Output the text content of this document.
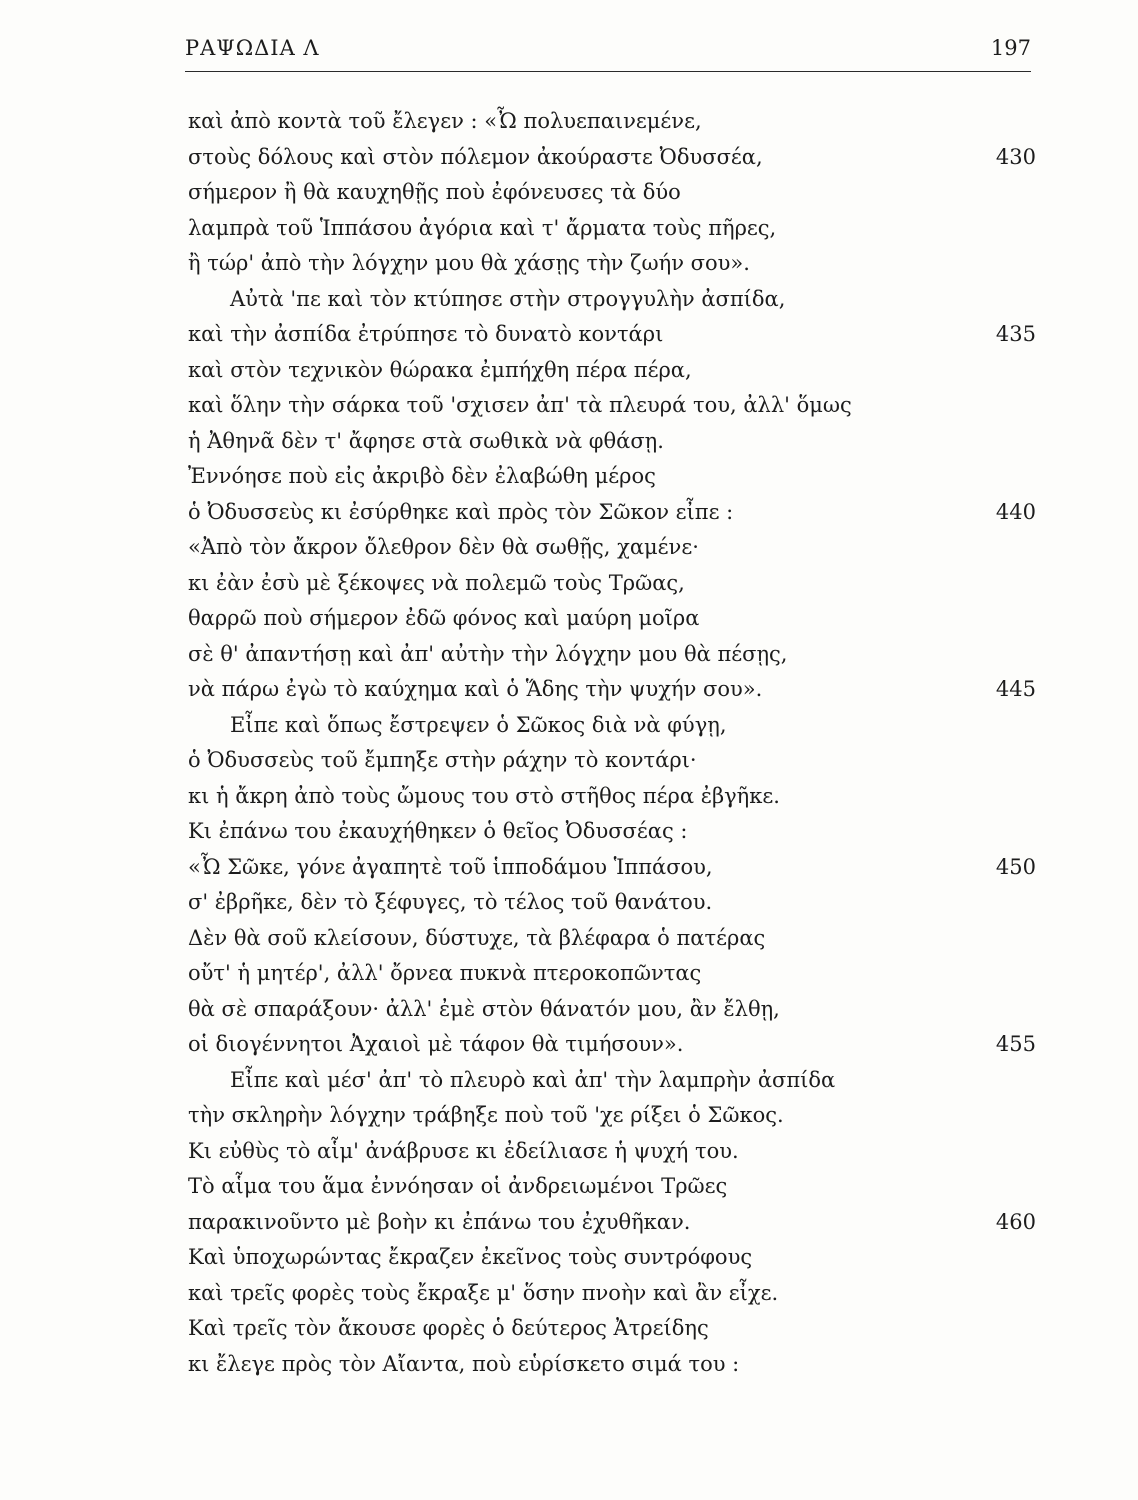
ΡΑΨΩΔΙΑ Λ	197
καὶ ἀπὸ κοντὰ τοῦ ἔλεγεν : «Ὦ πολυεπαινεμένε,
στοὺς δόλους καὶ στὸν πόλεμον ἀκούραστε Ὀδυσσέα,	430
σήμερον ἢ θὰ καυχηθῇς ποὺ ἐφόνευσες τὰ δύο
λαμπρὰ τοῦ Ἱππάσου ἀγόρια καὶ τ' ἄρματα τοὺς πῆρες,
ἢ τώρ' ἀπὸ τὴν λόγχην μου θὰ χάσῃς τὴν ζωήν σου».
Αὐτὰ 'πε καὶ τὸν κτύπησε στὴν στρογγυλὴν ἀσπίδα,
καὶ τὴν ἀσπίδα ἐτρύπησε τὸ δυνατὸ κοντάρι	435
καὶ στὸν τεχνικὸν θώρακα ἐμπήχθη πέρα πέρα,
καὶ ὅλην τὴν σάρκα τοῦ 'σχισεν ἀπ' τὰ πλευρά του, ἀλλ' ὅμως
ἡ Ἀθηνᾶ δὲν τ' ἄφησε στὰ σωθικὰ νὰ φθάσῃ.
Ἐννόησε ποὺ εἰς ἀκριβὸ δὲν ἐλαβώθη μέρος
ὁ Ὀδυσσεὺς κι ἐσύρθηκε καὶ πρὸς τὸν Σῶκον εἶπε :	440
«Ἀπὸ τὸν ἄκρον ὄλεθρον δὲν θὰ σωθῇς, χαμένε·
κι ἐὰν ἐσὺ μὲ ξέκοψες νὰ πολεμῶ τοὺς Τρῶας,
θαρρῶ ποὺ σήμερον ἐδῶ φόνος καὶ μαύρη μοῖρα
σὲ θ' ἀπαντήσῃ καὶ ἀπ' αὐτὴν τὴν λόγχην μου θὰ πέσῃς,
νὰ πάρω ἐγὼ τὸ καύχημα καὶ ὁ Ἅδης τὴν ψυχήν σου».	445
Εἶπε καὶ ὅπως ἔστρεψεν ὁ Σῶκος διὰ νὰ φύγῃ,
ὁ Ὀδυσσεὺς τοῦ ἔμπηξε στὴν ράχην τὸ κοντάρι·
κι ἡ ἄκρη ἀπὸ τοὺς ὤμους του στὸ στῆθος πέρα ἐβγῆκε.
Κι ἐπάνω του ἐκαυχήθηκεν ὁ θεῖος Ὀδυσσέας :
«Ὦ Σῶκε, γόνε ἀγαπητὲ τοῦ ἱπποδάμου Ἱππάσου,	450
σ' ἐβρῆκε, δὲν τὸ ξέφυγες, τὸ τέλος τοῦ θανάτου.
Δὲν θὰ σοῦ κλείσουν, δύστυχε, τὰ βλέφαρα ὁ πατέρας
οὔτ' ἡ μητέρ', ἀλλ' ὄρνεα πυκνὰ πτεροκοπῶντας
θὰ σὲ σπαράξουν· ἀλλ' ἐμὲ στὸν θάνατόν μου, ἂν ἔλθῃ,
οἱ διογέννητοι Ἀχαιοὶ μὲ τάφον θὰ τιμήσουν».	455
Εἶπε καὶ μέσ' ἀπ' τὸ πλευρὸ καὶ ἀπ' τὴν λαμπρὴν ἀσπίδα
τὴν σκληρὴν λόγχην τράβηξε ποὺ τοῦ 'χε ρίξει ὁ Σῶκος.
Κι εὐθὺς τὸ αἷμ' ἀνάβρυσε κι ἐδείλιασε ἡ ψυχή του.
Τὸ αἷμα του ἅμα ἐννόησαν οἱ ἀνδρειωμένοι Τρῶες
παρακινοῦντο μὲ βοὴν κι ἐπάνω του ἐχυθῆκαν.	460
Καὶ ὑποχωρώντας ἔκραζεν ἐκεῖνος τοὺς συντρόφους
καὶ τρεῖς φορὲς τοὺς ἔκραξε μ' ὅσην πνοὴν καὶ ἂν εἶχε.
Καὶ τρεῖς τὸν ἄκουσε φορὲς ὁ δεύτερος Ἀτρείδης
κι ἔλεγε πρὸς τὸν Αἴαντα, ποὺ εὑρίσκετο σιμά του :
